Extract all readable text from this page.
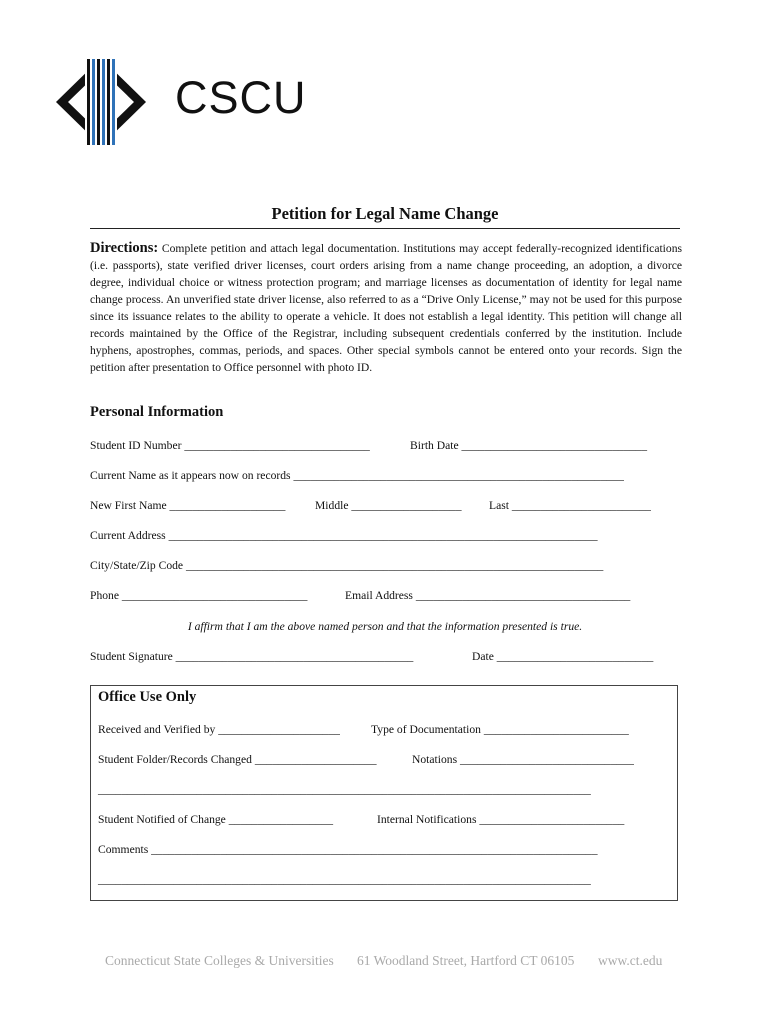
CSCU
Petition for Legal Name Change
Directions: Complete petition and attach legal documentation. Institutions may accept federally-recognized identifications (i.e. passports), state verified driver licenses, court orders arising from a name change proceeding, an adoption, a divorce degree, individual choice or witness protection program; and marriage licenses as documentation of identity for legal name change process. An unverified state driver license, also referred to as a “Drive Only License,” may not be used for this purpose since its issuance relates to the ability to operate a vehicle. It does not establish a legal identity. This petition will change all records maintained by the Office of the Registrar, including subsequent credentials conferred by the institution. Include hyphens, apostrophes, commas, periods, and spaces. Other special symbols cannot be entered onto your records. Sign the petition after presentation to Office personnel with photo ID.
Personal Information
Student ID Number ________________________________	Birth Date ________________________________
Current Name as it appears now on records _________________________________________________________
New First Name ____________________	Middle ___________________ Last ________________________
Current Address __________________________________________________________________________
City/State/Zip Code ________________________________________________________________________
Phone ________________________________	Email Address _____________________________________
I affirm that I am the above named person and that the information presented is true.
Student Signature _________________________________________	Date ___________________________
Office Use Only
Received and Verified by _____________________	Type of Documentation _________________________
Student Folder/Records Changed _____________________	Notations ______________________________
_____________________________________________________________________________________
Student Notified of Change __________________	Internal Notifications _________________________
Comments _____________________________________________________________________________
_____________________________________________________________________________________
Connecticut State Colleges & Universities 61 Woodland Street, Hartford CT 06105 www.ct.edu
